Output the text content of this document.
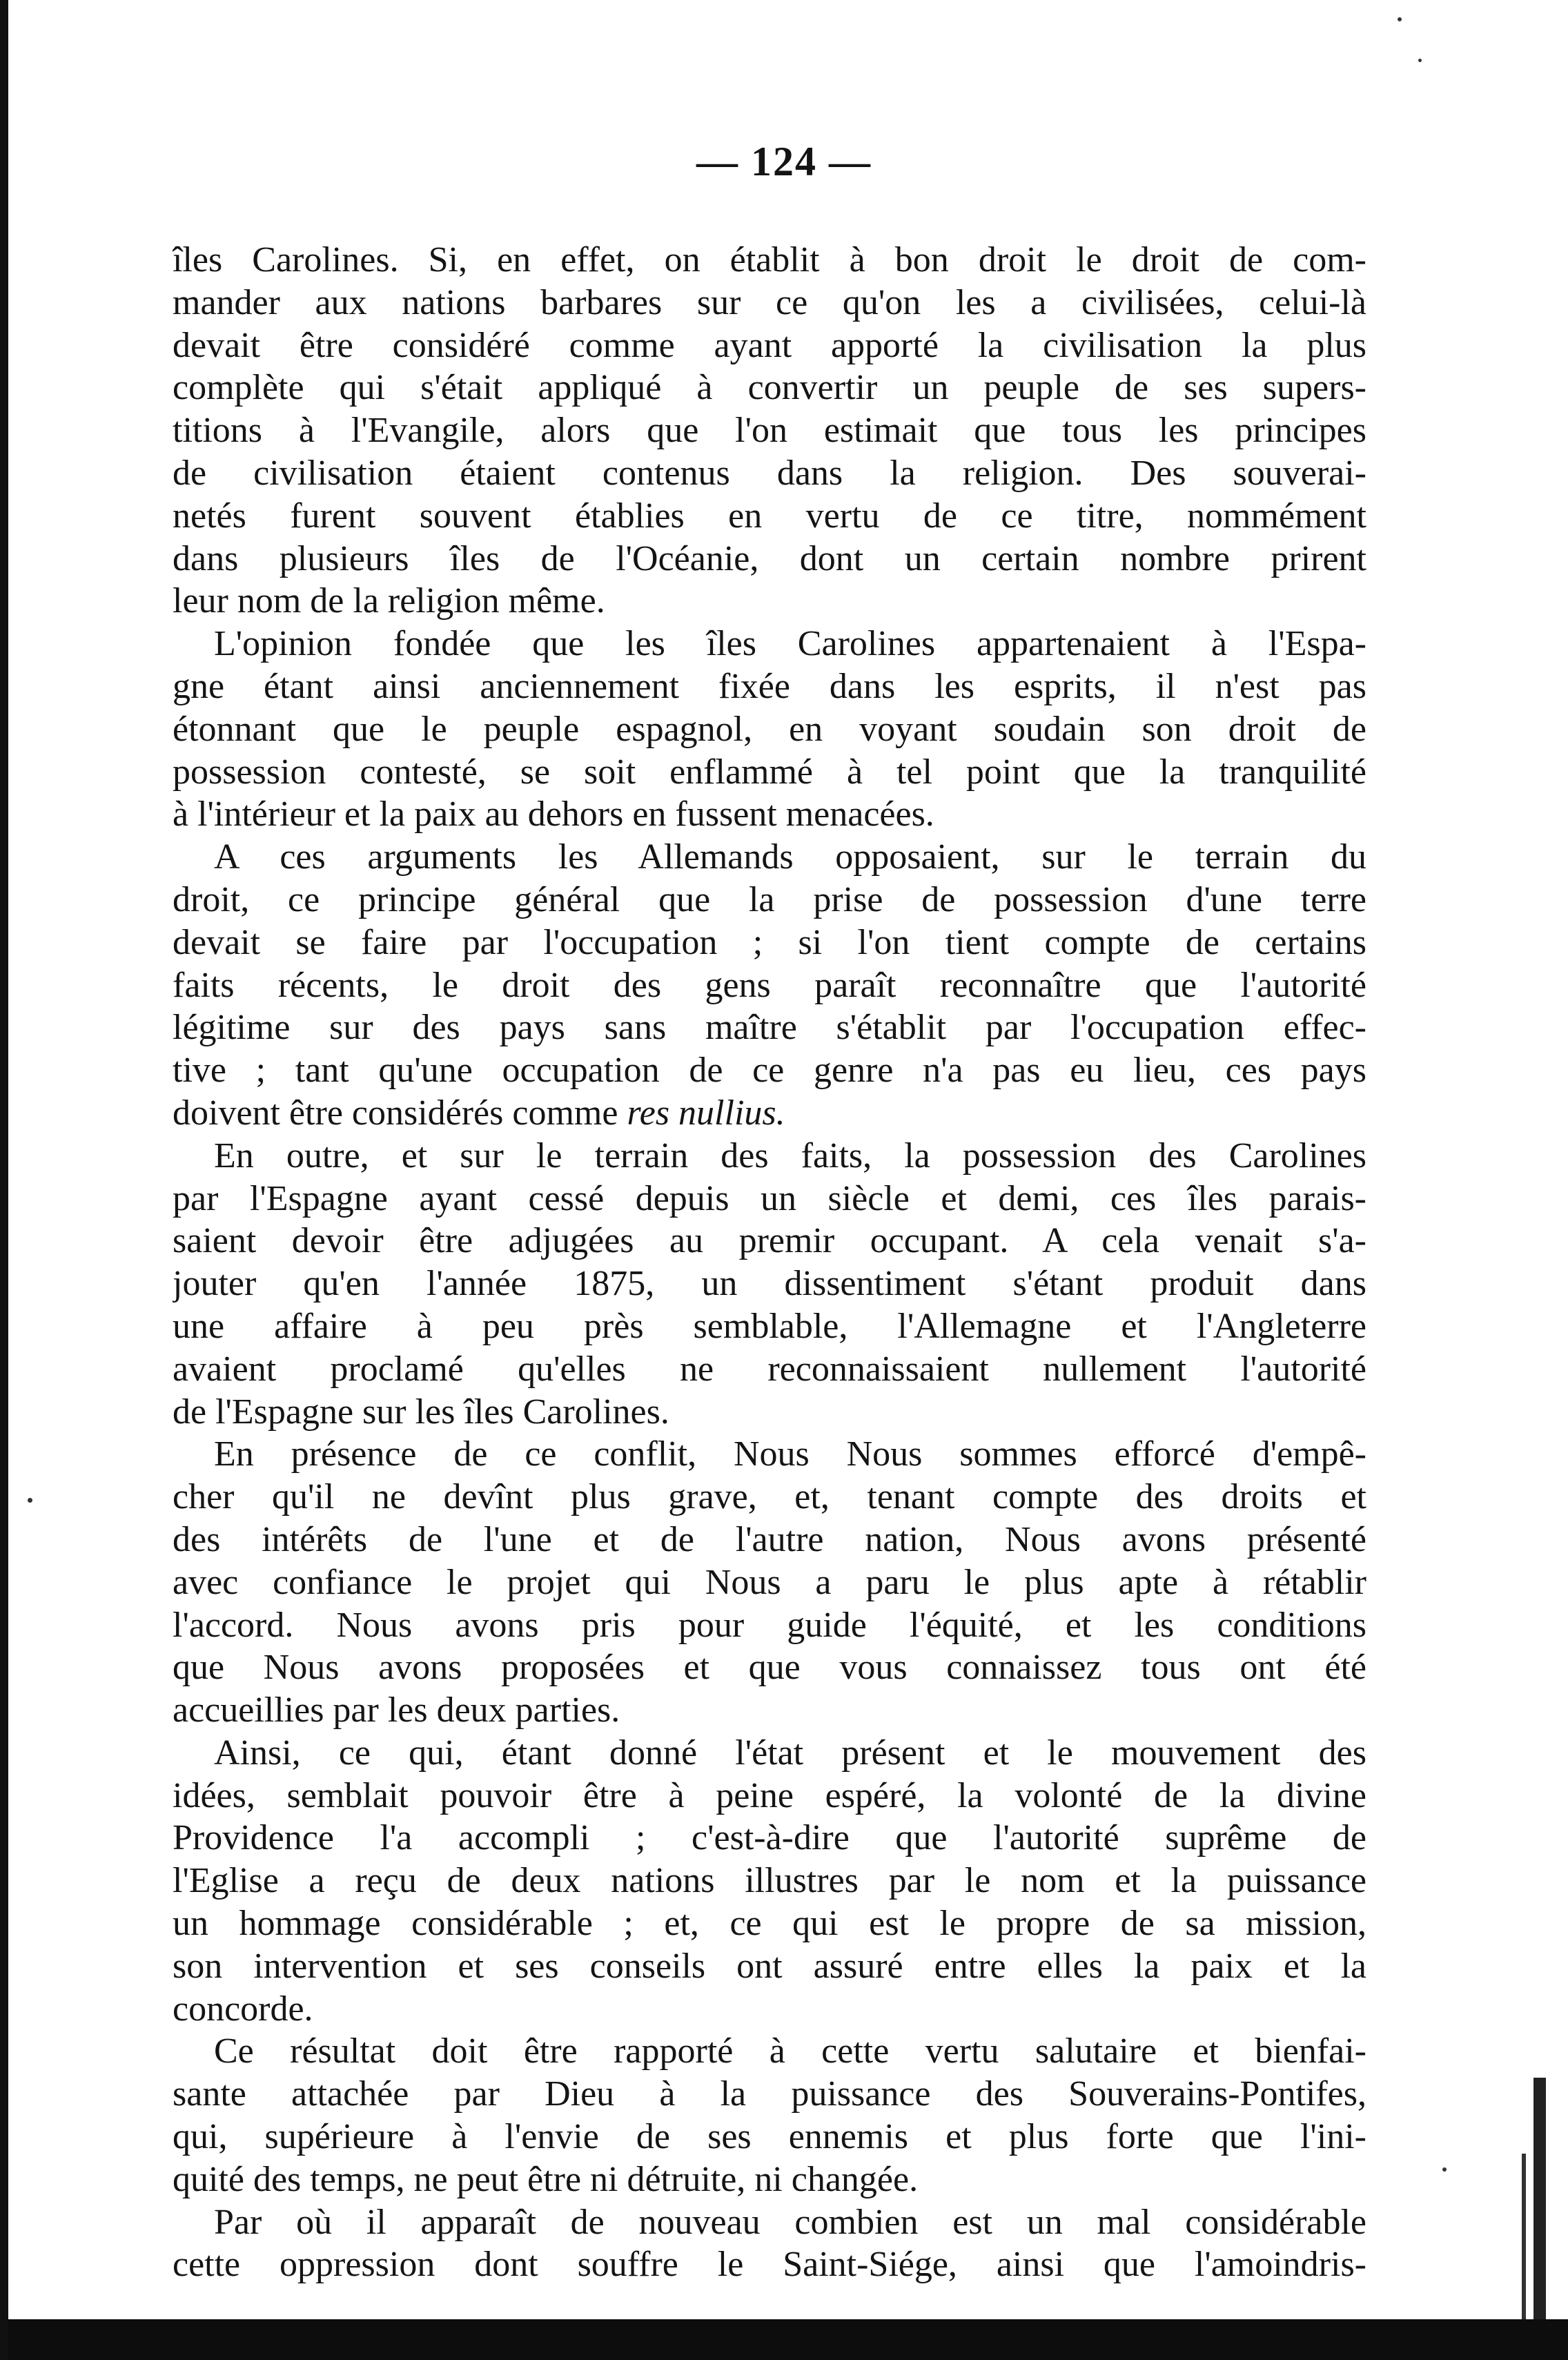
— 124 —
îles Carolines. Si, en effet, on établit à bon droit le droit de com-
mander aux nations barbares sur ce qu'on les a civilisées, celui-là
devait être considéré comme ayant apporté la civilisation la plus
complète qui s'était appliqué à convertir un peuple de ses supers-
titions à l'Evangile, alors que l'on estimait que tous les principes
de civilisation étaient contenus dans la religion. Des souverai-
netés furent souvent établies en vertu de ce titre, nommément
dans plusieurs îles de l'Océanie, dont un certain nombre prirent
leur nom de la religion même.
L'opinion fondée que les îles Carolines appartenaient à l'Espa-
gne étant ainsi anciennement fixée dans les esprits, il n'est pas
étonnant que le peuple espagnol, en voyant soudain son droit de
possession contesté, se soit enflammé à tel point que la tranquilité
à l'intérieur et la paix au dehors en fussent menacées.
A ces arguments les Allemands opposaient, sur le terrain du
droit, ce principe général que la prise de possession d'une terre
devait se faire par l'occupation ; si l'on tient compte de certains
faits récents, le droit des gens paraît reconnaître que l'autorité
légitime sur des pays sans maître s'établit par l'occupation effec-
tive ; tant qu'une occupation de ce genre n'a pas eu lieu, ces pays
doivent être considérés comme res nullius.
En outre, et sur le terrain des faits, la possession des Carolines
par l'Espagne ayant cessé depuis un siècle et demi, ces îles parais-
saient devoir être adjugées au premir occupant. A cela venait s'a-
jouter qu'en l'année 1875, un dissentiment s'étant produit dans
une affaire à peu près semblable, l'Allemagne et l'Angleterre
avaient proclamé qu'elles ne reconnaissaient nullement l'autorité
de l'Espagne sur les îles Carolines.
En présence de ce conflit, Nous Nous sommes efforcé d'empê-
cher qu'il ne devînt plus grave, et, tenant compte des droits et
des intérêts de l'une et de l'autre nation, Nous avons présenté
avec confiance le projet qui Nous a paru le plus apte à rétablir
l'accord. Nous avons pris pour guide l'équité, et les conditions
que Nous avons proposées et que vous connaissez tous ont été
accueillies par les deux parties.
Ainsi, ce qui, étant donné l'état présent et le mouvement des
idées, semblait pouvoir être à peine espéré, la volonté de la divine
Providence l'a accompli ; c'est-à-dire que l'autorité suprême de
l'Eglise a reçu de deux nations illustres par le nom et la puissance
un hommage considérable ; et, ce qui est le propre de sa mission,
son intervention et ses conseils ont assuré entre elles la paix et la
concorde.
Ce résultat doit être rapporté à cette vertu salutaire et bienfai-
sante attachée par Dieu à la puissance des Souverains-Pontifes,
qui, supérieure à l'envie de ses ennemis et plus forte que l'ini-
quité des temps, ne peut être ni détruite, ni changée.
Par où il apparaît de nouveau combien est un mal considérable
cette oppression dont souffre le Saint-Siége, ainsi que l'amoindris-
